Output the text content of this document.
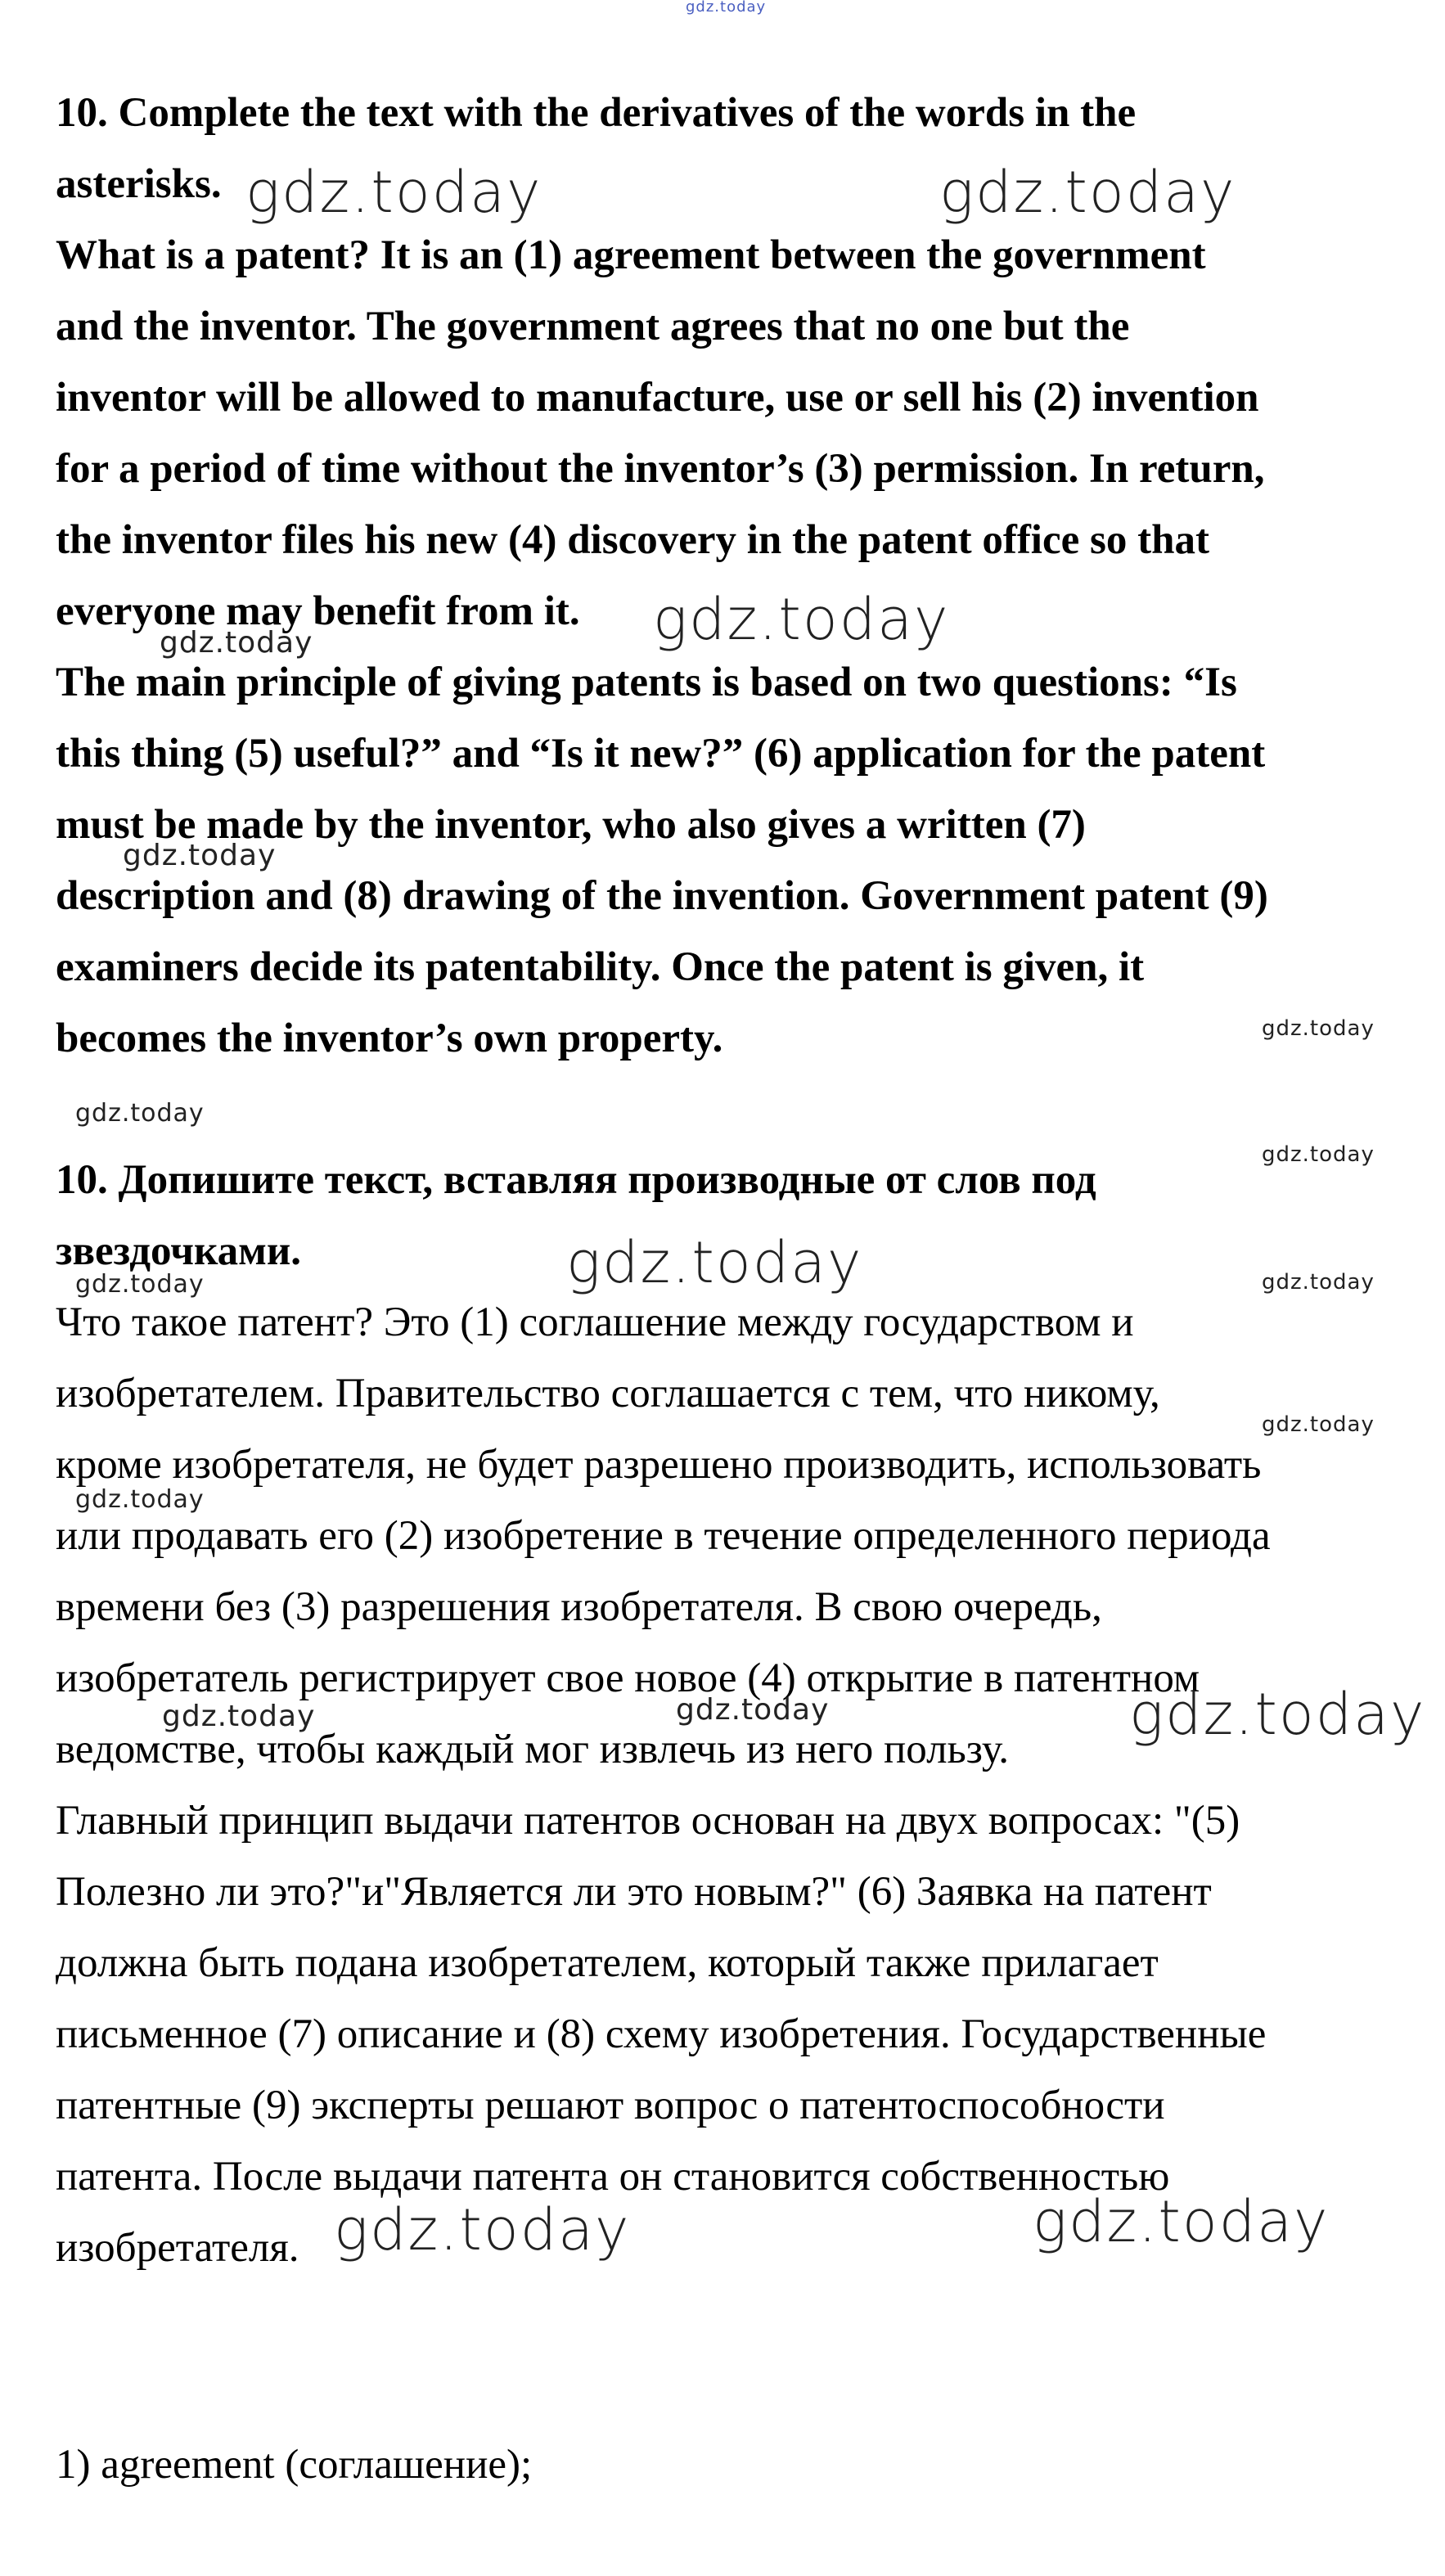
gdz.today

10. Complete the text with the derivatives of the words in the

asterisks.

What is a patent? It is an (1) agreement between the government

and the inventor. The government agrees that no one but the

inventor will be allowed to manufacture, use or sell his (2) invention

for a period of time without the inventor’s (3) permission. In return,

the inventor files his new (4) discovery in the patent office so that

everyone may benefit from it.

The main principle of giving patents is based on two questions: “Is

this thing (5) useful?” and “Is it new?” (6) application for the patent

must be made by the inventor, who also gives a written (7)

description and (8) drawing of the invention. Government patent (9)

examiners decide its patentability. Once the patent is given, it

becomes the inventor’s own property.

10. Допишите текст, вставляя производные от слов под

звездочками.

Что такое патент? Это (1) соглашение между государством и

изобретателем. Правительство соглашается с тем, что никому,

кроме изобретателя, не будет разрешено производить, использовать

или продавать его (2) изобретение в течение определенного периода

времени без (3) разрешения изобретателя. В свою очередь,

изобретатель регистрирует свое новое (4) открытие в патентном

ведомстве, чтобы каждый мог извлечь из него пользу.

Главный принцип выдачи патентов основан на двух вопросах: "(5)

Полезно ли это?"и"Является ли это новым?" (6) Заявка на патент

должна быть подана изобретателем, который также прилагает

письменное (7) описание и (8) схему изобретения. Государственные

патентные (9) эксперты решают вопрос о патентоспособности

патента. После выдачи патента он становится собственностью

изобретателя.

1) agreement (соглашение);

gdz.today	gdz.today
gdz.today
gdz.today
gdz.today
gdz.today
gdz.today
gdz.today
gdz.today
gdz.today	gdz.today
gdz.today
gdz.today
gdz.today	gdz.today	gdz.today
gdz.today	gdz.today
